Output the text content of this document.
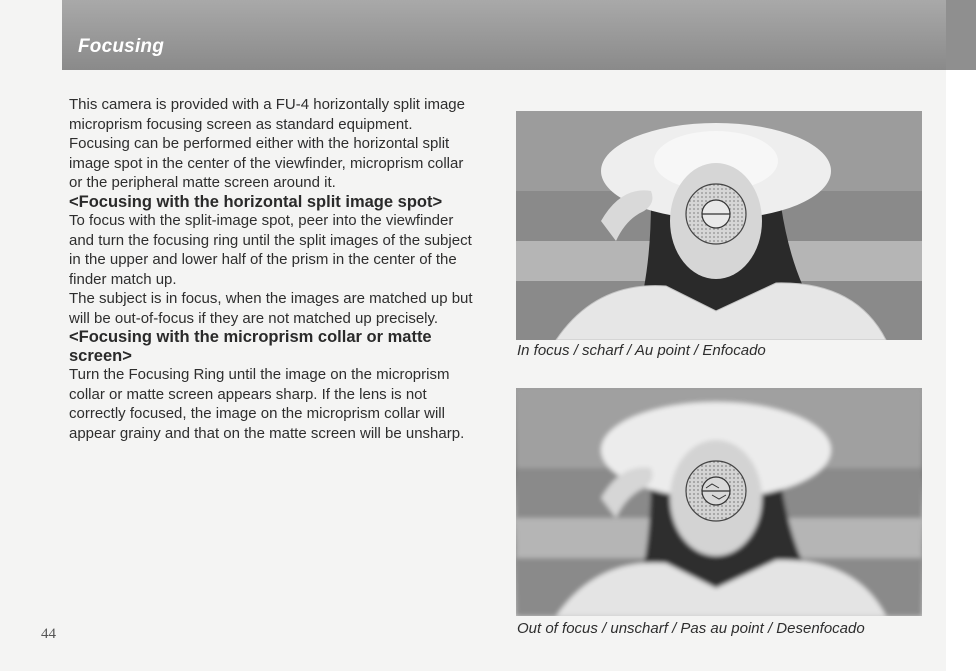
Focusing

This camera is provided with a FU-4 horizontally split image microprism focusing screen as standard equipment.

Focusing can be performed either with the horizontal split image spot in the center of the viewfinder, microprism collar or the peripheral matte screen around it.

<Focusing with the horizontal split image spot>

To focus with the split-image spot, peer into the viewfinder and turn the focusing ring until the split images of the subject in the upper and lower half of the prism in the center of the finder match up.

The subject is in focus, when the images are matched up but will be out-of-focus if they are not matched up precisely.

<Focusing with the microprism collar or matte screen>

Turn the Focusing Ring until the image on the microprism collar or matte screen appears sharp. If the lens is not correctly focused, the image on the microprism collar will appear grainy and that on the matte screen will be unsharp.

In focus / scharf / Au point / Enfocado

Out of focus / unscharf / Pas au point / Desenfocado

44
